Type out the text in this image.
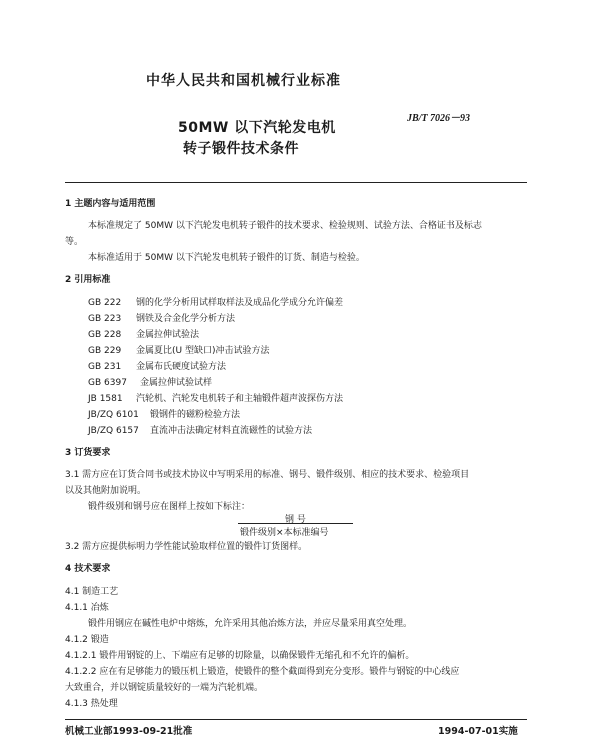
中华人民共和国机械行业标准
JB/T 7026－93
50MW 以下汽轮发电机
转子锻件技术条件
1 主题内容与适用范围
本标准规定了 50MW 以下汽轮发电机转子锻件的技术要求、检验规则、试验方法、合格证书及标志
等。
本标准适用于 50MW 以下汽轮发电机转子锻件的订货、制造与检验。
2 引用标准
GB 222 钢的化学分析用试样取样法及成品化学成分允许偏差
GB 223 钢铁及合金化学分析方法
GB 228 金属拉伸试验法
GB 229 金属夏比(U 型缺口)冲击试验方法
GB 231 金属布氏硬度试验方法
GB 6397 金属拉伸试验试样
JB 1581 汽轮机、汽轮发电机转子和主轴锻件超声波探伤方法
JB/ZQ 6101 锻钢件的磁粉检验方法
JB/ZQ 6157 直流冲击法确定材料直流磁性的试验方法
3 订货要求
3.1 需方应在订货合同书或技术协议中写明采用的标准、钢号、锻件级别、相应的技术要求、检验项目
以及其他附加说明。
锻件级别和钢号应在图样上按如下标注：
钢 号
锻件级别×本标准编号
3.2 需方应提供标明力学性能试验取样位置的锻件订货图样。
4 技术要求
4.1 制造工艺
4.1.1 冶炼
锻件用钢应在碱性电炉中熔炼，允许采用其他冶炼方法，并应尽量采用真空处理。
4.1.2 锻造
4.1.2.1 锻件用钢锭的上、下端应有足够的切除量，以确保锻件无缩孔和不允许的偏析。
4.1.2.2 应在有足够能力的锻压机上锻造，使锻件的整个截面得到充分变形。锻件与钢锭的中心线应
大致重合，并以钢锭质量较好的一端为汽轮机端。
4.1.3 热处理
机械工业部1993-09-21批准	1994-07-01实施
